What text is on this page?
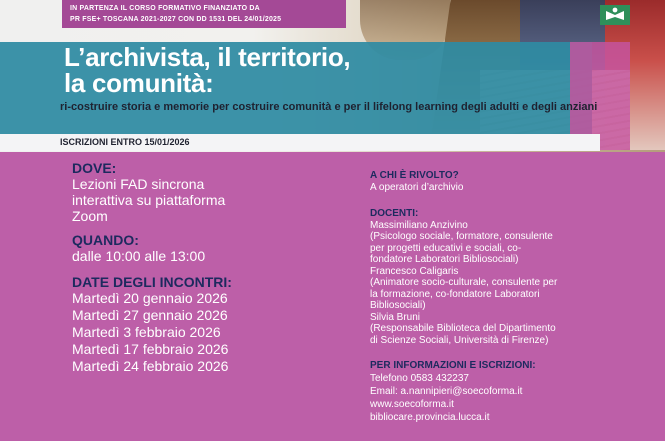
IN PARTENZA IL CORSO FORMATIVO FINANZIATO DA
PR FSE+ TOSCANA 2021-2027 CON DD 1531 DEL 24/01/2025
L’archivista, il territorio,
la comunità:
ri-costruire storia e memorie per costruire comunità e per il lifelong learning degli adulti e degli anziani
ISCRIZIONI ENTRO 15/01/2026
DOVE:
Lezioni FAD sincrona
interattiva su piattaforma
Zoom
QUANDO:
dalle 10:00 alle 13:00
DATE DEGLI INCONTRI:
Martedì 20 gennaio 2026
Martedì 27 gennaio 2026
Martedì 3 febbraio 2026
Martedì 17 febbraio 2026
Martedì 24 febbraio 2026
A CHI È RIVOLTO?
A operatori d’archivio
DOCENTI:
Massimiliano Anzivino
(Psicologo sociale, formatore, consulente
per progetti educativi e sociali, co-
fondatore Laboratori Bibliosociali)
Francesco Caligaris
(Animatore socio-culturale, consulente per
la formazione, co-fondatore Laboratori
Bibliosociali)
Silvia Bruni
(Responsabile Biblioteca del Dipartimento
di Scienze Sociali, Università di Firenze)
PER INFORMAZIONI E ISCRIZIONI:
Telefono 0583 432237
Email: a.nannipieri@soecoforma.it
www.soecoforma.it
bibliocare.provincia.lucca.it
